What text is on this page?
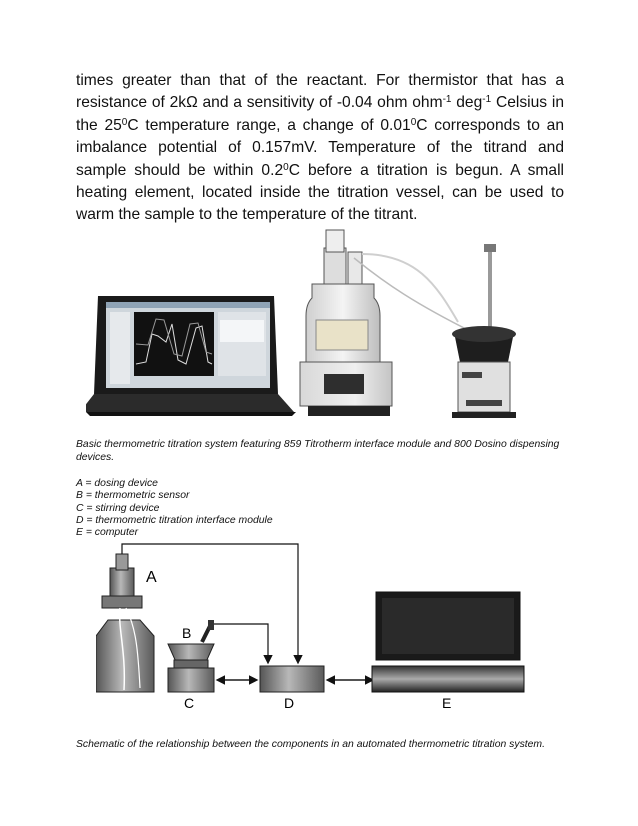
times greater than that of the reactant. For thermistor that has a resistance of 2kΩ and a sensitivity of -0.04 ohm ohm$^{-1}$ deg$^{-1}$ Celsius in the $25^0C$ temperature range, a change of 0.01$^0$C corresponds to an imbalance potential of 0.157mV. Temperature of the titrand and sample should be within $0.2^0C$ before a titration is begun. A small heating element, located inside the titration vessel, can be used to warm the sample to the temperature of the titrant.

Basic thermometric titration system featuring 859 Titrotherm interface module and 800 Dosino dispensing devices.

A = dosing device
B = thermometric sensor
C = stirring device
D = thermometric titration interface module
E = computer
A
B
C	D	E

Schematic of the relationship between the components in an automated thermometric titration system.
